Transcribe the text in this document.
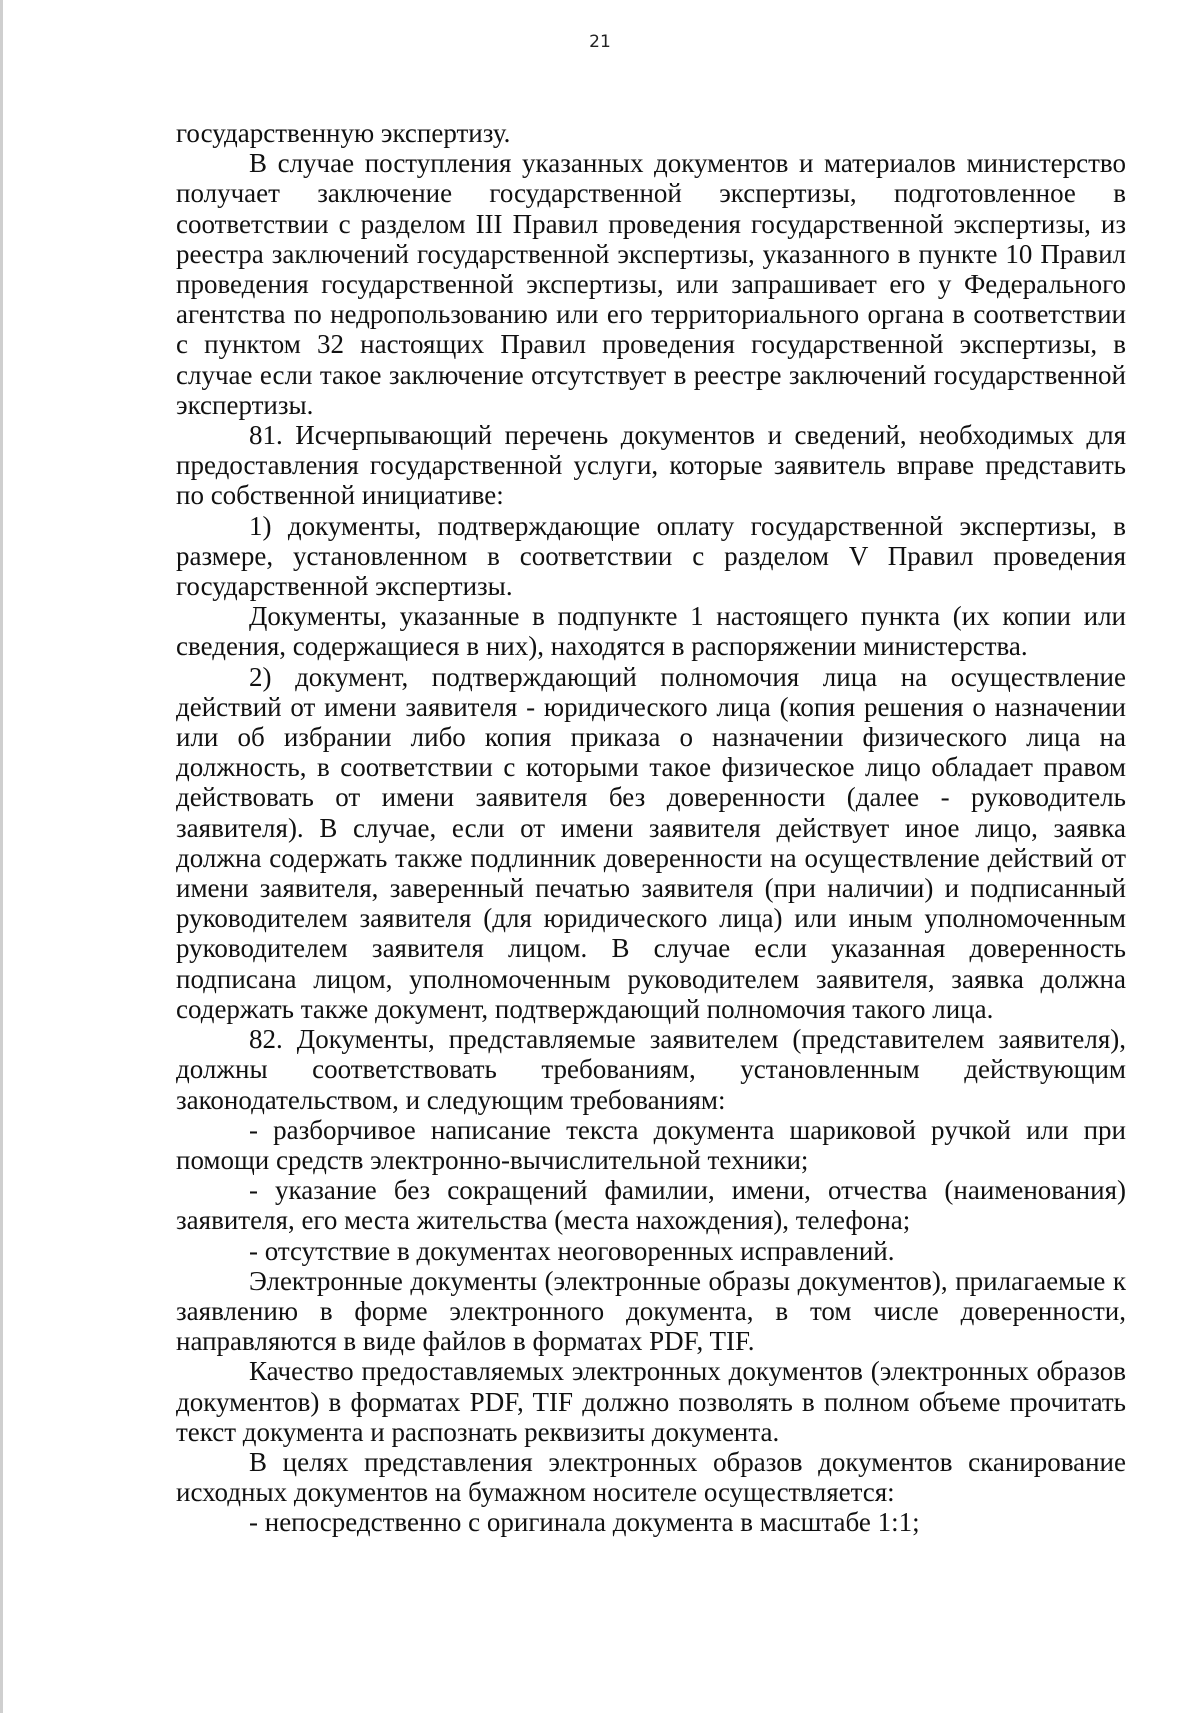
21

государственную экспертизу.

В случае поступления указанных документов и материалов министерство получает заключение государственной экспертизы, подготовленное в соответствии с разделом III Правил проведения государственной экспертизы, из реестра заключений государственной экспертизы, указанного в пункте 10 Правил проведения государственной экспертизы, или запрашивает его у Федерального агентства по недропользованию или его территориального органа в соответствии с пунктом 32 настоящих Правил проведения государственной экспертизы, в случае если такое заключение отсутствует в реестре заключений государственной экспертизы.

81. Исчерпывающий перечень документов и сведений, необходимых для предоставления государственной услуги, которые заявитель вправе представить по собственной инициативе:

1) документы, подтверждающие оплату государственной экспертизы, в размере, установленном в соответствии с разделом V Правил проведения государственной экспертизы.

Документы, указанные в подпункте 1 настоящего пункта (их копии или сведения, содержащиеся в них), находятся в распоряжении министерства.

2) документ, подтверждающий полномочия лица на осуществление действий от имени заявителя - юридического лица (копия решения о назначении или об избрании либо копия приказа о назначении физического лица на должность, в соответствии с которыми такое физическое лицо обладает правом действовать от имени заявителя без доверенности (далее - руководитель заявителя). В случае, если от имени заявителя действует иное лицо, заявка должна содержать также подлинник доверенности на осуществление действий от имени заявителя, заверенный печатью заявителя (при наличии) и подписанный руководителем заявителя (для юридического лица) или иным уполномоченным руководителем заявителя лицом. В случае если указанная доверенность подписана лицом, уполномоченным руководителем заявителя, заявка должна содержать также документ, подтверждающий полномочия такого лица.

82. Документы, представляемые заявителем (представителем заявителя), должны соответствовать требованиям, установленным действующим законодательством, и следующим требованиям:

- разборчивое написание текста документа шариковой ручкой или при помощи средств электронно-вычислительной техники;

- указание без сокращений фамилии, имени, отчества (наименования) заявителя, его места жительства (места нахождения), телефона;

- отсутствие в документах неоговоренных исправлений.

Электронные документы (электронные образы документов), прилагаемые к заявлению в форме электронного документа, в том числе доверенности, направляются в виде файлов в форматах PDF, TIF.

Качество предоставляемых электронных документов (электронных образов документов) в форматах PDF, TIF должно позволять в полном объеме прочитать текст документа и распознать реквизиты документа.

В целях представления электронных образов документов сканирование исходных документов на бумажном носителе осуществляется:

- непосредственно с оригинала документа в масштабе 1:1;
